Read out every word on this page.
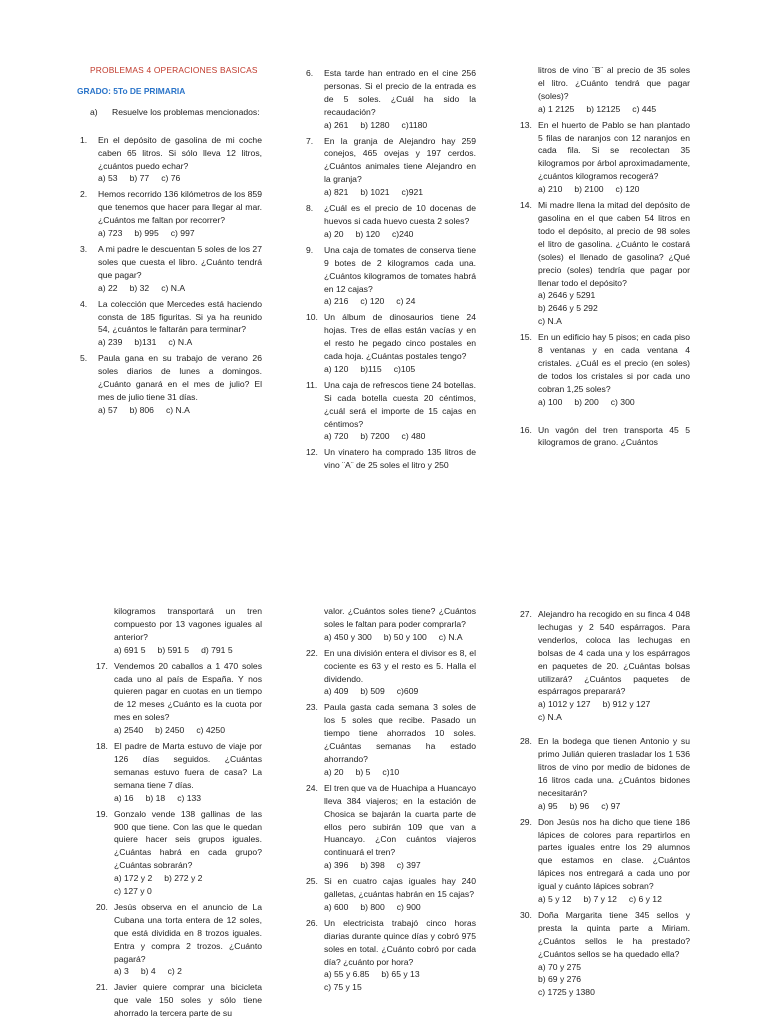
PROBLEMAS 4 OPERACIONES BASICAS
GRADO: 5To DE PRIMARIA
a)	Resuelve los problemas mencionados:
1.	En el depósito de gasolina de mi coche caben 65 litros. Si sólo lleva 12 litros, ¿cuántos puedo echar?
a) 53 b) 77 c) 76
2.	Hemos recorrido 136 kilómetros de los 859 que tenemos que hacer para llegar al mar. ¿Cuántos me faltan por recorrer?
a) 723 b) 995 c) 997
3.	A mi padre le descuentan 5 soles de los 27 soles que cuesta el libro. ¿Cuánto tendrá que pagar?
a) 22 b) 32 c) N.A
4.	La colección que Mercedes está haciendo consta de 185 figuritas. Si ya ha reunido 54, ¿cuántos le faltarán para terminar?
a) 239 b)131 c) N.A
5.	Paula gana en su trabajo de verano 26 soles diarios de lunes a domingos. ¿Cuánto ganará en el mes de julio? El mes de julio tiene 31 días.
a) 57 b) 806 c) N.A
6.	Esta tarde han entrado en el cine 256 personas. Si el precio de la entrada es de 5 soles. ¿Cuál ha sido la recaudación?
a) 261 b) 1280 c)1180
7.	En la granja de Alejandro hay 259 conejos, 465 ovejas y 197 cerdos. ¿Cuántos animales tiene Alejandro en la granja?
a) 821 b) 1021 c)921
8.	¿Cuál es el precio de 10 docenas de huevos si cada huevo cuesta 2 soles?
a) 20 b) 120 c)240
9.	Una caja de tomates de conserva tiene 9 botes de 2 kilogramos cada una. ¿Cuántos kilogramos de tomates habrá en 12 cajas?
a) 216 c) 120 c) 24
10. Un álbum de dinosaurios tiene 24 hojas. Tres de ellas están vacías y en el resto he pegado cinco postales en cada hoja. ¿Cuántas postales tengo?
a) 120 b)115 c)105
11. Una caja de refrescos tiene 24 botellas. Si cada botella cuesta 20 céntimos, ¿cuál será el importe de 15 cajas en céntimos?
a) 720 b) 7200 c) 480
12. Un vinatero ha comprado 135 litros de vino ¨A¨ de 25 soles el litro y 250
litros de vino ¨B¨ al precio de 35 soles el litro. ¿Cuánto tendrá que pagar (soles)?
a) 1 2125 b) 12125 c) 445
13. En el huerto de Pablo se han plantado 5 filas de naranjos con 12 naranjos en cada fila. Si se recolectan 35 kilogramos por árbol aproximadamente, ¿cuántos kilogramos recogerá?
a) 210 b) 2100 c) 120
14. Mi madre llena la mitad del depósito de gasolina en el que caben 54 litros en todo el depósito, al precio de 98 soles el litro de gasolina. ¿Cuánto le costará (soles) el llenado de gasolina? ¿Qué precio (soles) tendría que pagar por llenar todo el depósito?
a) 2646 y 5291
b) 2646 y 5 292
c) N.A
15. En un edificio hay 5 pisos; en cada piso 8 ventanas y en cada ventana 4 cristales. ¿Cuál es el precio (en soles) de todos los cristales si por cada uno cobran 1,25 soles?
a) 100 b) 200 c) 300
16. Un vagón del tren transporta 45 5 kilogramos de grano. ¿Cuántos
kilogramos transportará un tren compuesto por 13 vagones iguales al anterior?
a) 691 5 b) 591 5 d) 791 5
17. Vendemos 20 caballos a 1 470 soles cada uno al país de España. Y nos quieren pagar en cuotas en un tiempo de 12 meses ¿Cuánto es la cuota por mes en soles?
a) 2540 b) 2450 c) 4250
18. El padre de Marta estuvo de viaje por 126 días seguidos. ¿Cuántas semanas estuvo fuera de casa? La semana tiene 7 días.
a) 16 b) 18 c) 133
19. Gonzalo vende 138 gallinas de las 900 que tiene. Con las que le quedan quiere hacer seis grupos iguales. ¿Cuántas habrá en cada grupo? ¿Cuántas sobrarán?
a) 172 y 2 b) 272 y 2
c) 127 y 0
20. Jesús observa en el anuncio de La Cubana una torta entera de 12 soles, que está dividida en 8 trozos iguales. Entra y compra 2 trozos. ¿Cuánto pagará?
a) 3 b) 4 c) 2
21. Javier quiere comprar una bicicleta que vale 150 soles y sólo tiene ahorrado la tercera parte de su
valor. ¿Cuántos soles tiene? ¿Cuántos soles le faltan para poder comprarla?
a) 450 y 300 b) 50 y 100 c) N.A
22. En una división entera el divisor es 8, el cociente es 63 y el resto es 5. Halla el dividendo.
a) 409 b) 509 c)609
23. Paula gasta cada semana 3 soles de los 5 soles que recibe. Pasado un tiempo tiene ahorrados 10 soles. ¿Cuántas semanas ha estado ahorrando?
a) 20 b) 5 c)10
24. El tren que va de Huachipa a Huancayo lleva 384 viajeros; en la estación de Chosica se bajarán la cuarta parte de ellos pero subirán 109 que van a Huancayo. ¿Con cuántos viajeros continuará el tren?
a) 396 b) 398 c) 397
25. Si en cuatro cajas iguales hay 240 galletas, ¿cuántas habrán en 15 cajas?
a) 600 b) 800 c) 900
26. Un electricista trabajó cinco horas diarias durante quince días y cobró 975 soles en total. ¿Cuánto cobró por cada día? ¿cuánto por hora?
a) 55 y 6.85 b) 65 y 13
c) 75 y 15
27. Alejandro ha recogido en su finca 4 048 lechugas y 2 540 espárragos. Para venderlos, coloca las lechugas en bolsas de 4 cada una y los espárragos en paquetes de 20. ¿Cuántas bolsas utilizará? ¿Cuántos paquetes de espárragos preparará?
a) 1012 y 127 b) 912 y 127
c) N.A
28. En la bodega que tienen Antonio y su primo Julián quieren trasladar los 1 536 litros de vino por medio de bidones de 16 litros cada una. ¿Cuántos bidones necesitarán?
a) 95 b) 96 c) 97
29. Don Jesús nos ha dicho que tiene 186 lápices de colores para repartirlos en partes iguales entre los 29 alumnos que estamos en clase. ¿Cuántos lápices nos entregará a cada uno por igual y cuánto lápices sobran?
a) 5 y 12 b) 7 y 12 c) 6 y 12
30. Doña Margarita tiene 345 sellos y presta la quinta parte a Miriam. ¿Cuántos sellos le ha prestado? ¿Cuántos sellos se ha quedado ella?
a) 70 y 275
b) 69 y 276
c) 1725 y 1380
